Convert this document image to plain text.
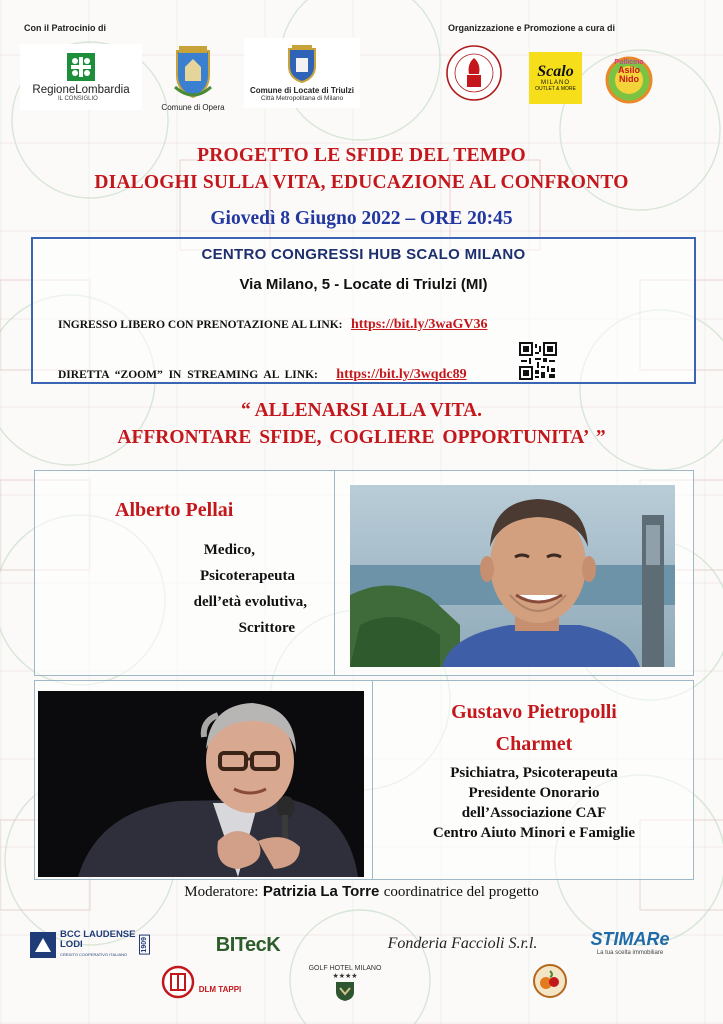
Con il Patrocinio di	Organizzazione e Promozione a cura di
RegioneLombardia
IL CONSIGLIO
Comune di Opera
Comune di Locate di Triulzi
Città Metropolitana di Milano
Scalo
MILANO
OUTLET & MORE
Pollicino
Asilo Nido
PROGETTO LE SFIDE DEL TEMPO
DIALOGHI SULLA VITA, EDUCAZIONE AL CONFRONTO
Giovedì 8 Giugno 2022 – ORE 20:45
CENTRO CONGRESSI HUB SCALO MILANO
Via Milano, 5 - Locate di Triulzi (MI)
INGRESSO LIBERO CON PRENOTAZIONE AL LINK: https://bit.ly/3waGV36
DIRETTA “ZOOM” IN STREAMING AL LINK: https://bit.ly/3wqdc89
“ ALLENARSI ALLA VITA.
AFFRONTARE SFIDE, COGLIERE OPPORTUNITA’ ”
Alberto Pellai
Medico,
Psicoterapeuta
dell’età evolutiva,
Scrittore
Gustavo Pietropolli
Charmet
Psichiatra, Psicoterapeuta
Presidente Onorario
dell’Associazione CAF
Centro Aiuto Minori e Famiglie
Moderatore: Patrizia La Torre coordinatrice del progetto
BCC LAUDENSE
LODI
CREDITO COOPERATIVO ITALIANO
1909	BITecK	Fonderia Faccioli S.r.l.	STIMARe
La tua scelta immobiliare
DLM TAPPI
GOLF HOTEL MILANO
★★★★
